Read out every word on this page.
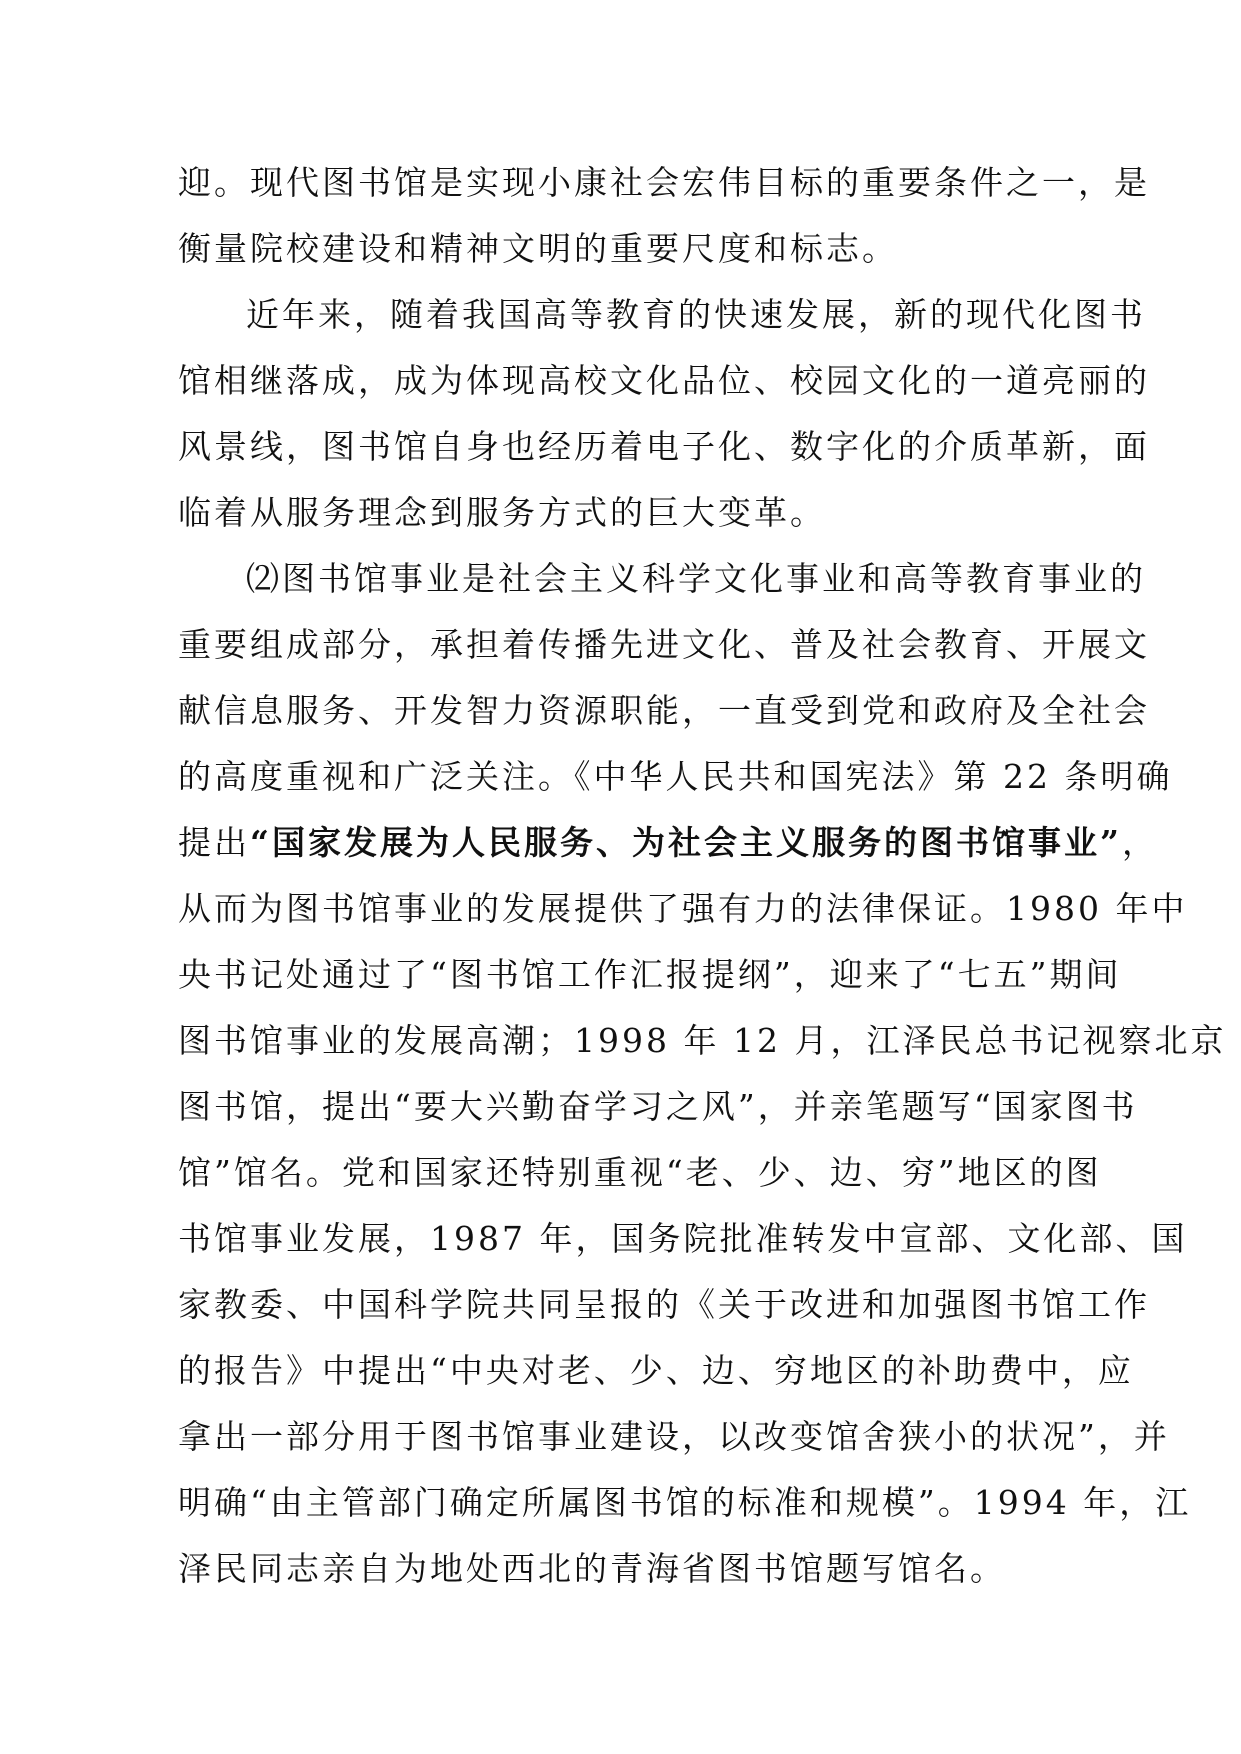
迎。现代图书馆是实现小康社会宏伟目标的重要条件之一，是
衡量院校建设和精神文明的重要尺度和标志。
近年来，随着我国高等教育的快速发展，新的现代化图书
馆相继落成，成为体现高校文化品位、校园文化的一道亮丽的
风景线，图书馆自身也经历着电子化、数字化的介质革新，面
临着从服务理念到服务方式的巨大变革。
⑵图书馆事业是社会主义科学文化事业和高等教育事业的
重要组成部分，承担着传播先进文化、普及社会教育、开展文
献信息服务、开发智力资源职能，一直受到党和政府及全社会
的高度重视和广泛关注。《中华人民共和国宪法》第 22 条明确
提出“国家发展为人民服务、为社会主义服务的图书馆事业”，
从而为图书馆事业的发展提供了强有力的法律保证。1980 年中
央书记处通过了“图书馆工作汇报提纲”，迎来了“七五”期间
图书馆事业的发展高潮；1998 年 12 月，江泽民总书记视察北京
图书馆，提出“要大兴勤奋学习之风”，并亲笔题写“国家图书
馆”馆名。党和国家还特别重视“老、少、边、穷”地区的图
书馆事业发展，1987 年，国务院批准转发中宣部、文化部、国
家教委、中国科学院共同呈报的《关于改进和加强图书馆工作
的报告》中提出“中央对老、少、边、穷地区的补助费中，应
拿出一部分用于图书馆事业建设，以改变馆舍狭小的状况”，并
明确“由主管部门确定所属图书馆的标准和规模”。1994 年，江
泽民同志亲自为地处西北的青海省图书馆题写馆名。
